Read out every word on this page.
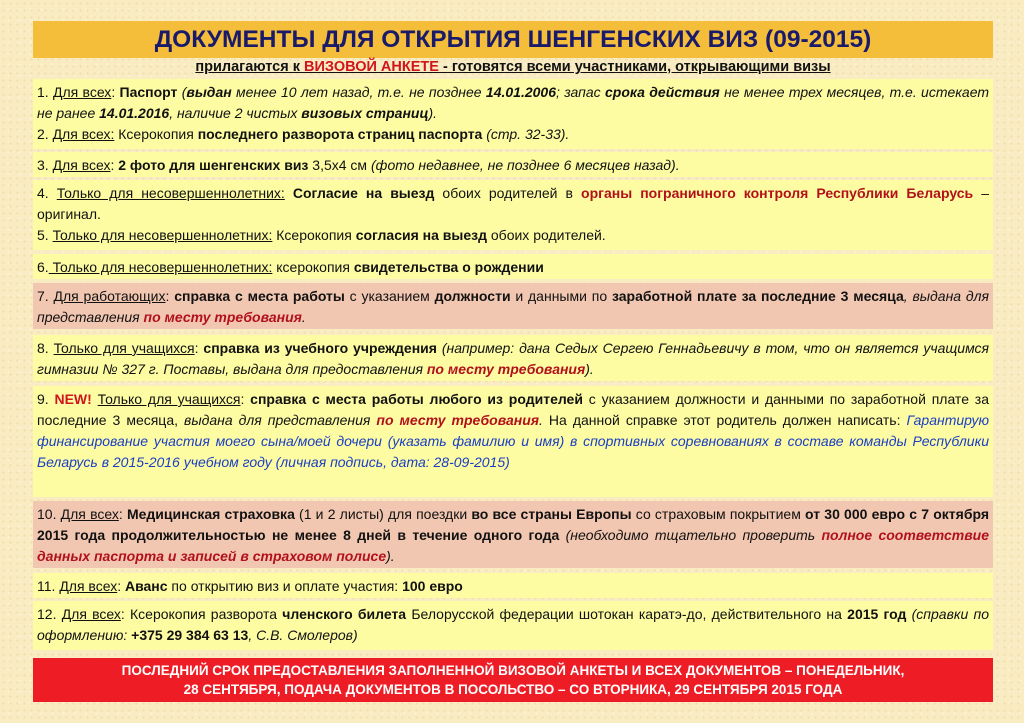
ДОКУМЕНТЫ ДЛЯ ОТКРЫТИЯ ШЕНГЕНСКИХ ВИЗ (09-2015)
прилагаются к ВИЗОВОЙ АНКЕТЕ - готовятся всеми участниками, открывающими визы
1. Для всех: Паспорт (выдан менее 10 лет назад, т.е. не позднее 14.01.2006; запас срока действия не менее трех месяцев, т.е. истекает не ранее 14.01.2016, наличие 2 чистых визовых страниц).
2. Для всех: Ксерокопия последнего разворота страниц паспорта (стр. 32-33).
3. Для всех: 2 фото для шенгенских виз 3,5x4 см (фото недавнее, не позднее 6 месяцев назад).
4. Только для несовершеннолетних: Согласие на выезд обоих родителей в органы пограничного контроля Республики Беларусь – оригинал.
5. Только для несовершеннолетних: Ксерокопия согласия на выезд обоих родителей.
6. Только для несовершеннолетних: ксерокопия свидетельства о рождении
7. Для работающих: справка с места работы с указанием должности и данными по заработной плате за последние 3 месяца, выдана для представления по месту требования.
8. Только для учащихся: справка из учебного учреждения (например: дана Седых Сергею Геннадьевичу в том, что он является учащимся гимназии № 327 г. Поставы, выдана для предоставления по месту требования).
9. NEW! Только для учащихся: справка с места работы любого из родителей с указанием должности и данными по заработной плате за последние 3 месяца, выдана для представления по месту требования. На данной справке этот родитель должен написать: Гарантирую финансирование участия моего сына/моей дочери (указать фамилию и имя) в спортивных соревнованиях в составе команды Республики Беларусь в 2015-2016 учебном году (личная подпись, дата: 28-09-2015)
10. Для всех: Медицинская страховка (1 и 2 листы) для поездки во все страны Европы со страховым покрытием от 30 000 евро с 7 октября 2015 года продолжительностью не менее 8 дней в течение одного года (необходимо тщательно проверить полное соответствие данных паспорта и записей в страховом полисе).
11. Для всех: Аванс по открытию виз и оплате участия: 100 евро
12. Для всех: Ксерокопия разворота членского билета Белорусской федерации шотокан каратэ-до, действительного на 2015 год (справки по оформлению: +375 29 384 63 13, С.В. Смолеров)
ПОСЛЕДНИЙ СРОК ПРЕДОСТАВЛЕНИЯ ЗАПОЛНЕННОЙ ВИЗОВОЙ АНКЕТЫ И ВСЕХ ДОКУМЕНТОВ – ПОНЕДЕЛЬНИК,
28 СЕНТЯБРЯ, ПОДАЧА ДОКУМЕНТОВ В ПОСОЛЬСТВО – СО ВТОРНИКА, 29 СЕНТЯБРЯ 2015 ГОДА
